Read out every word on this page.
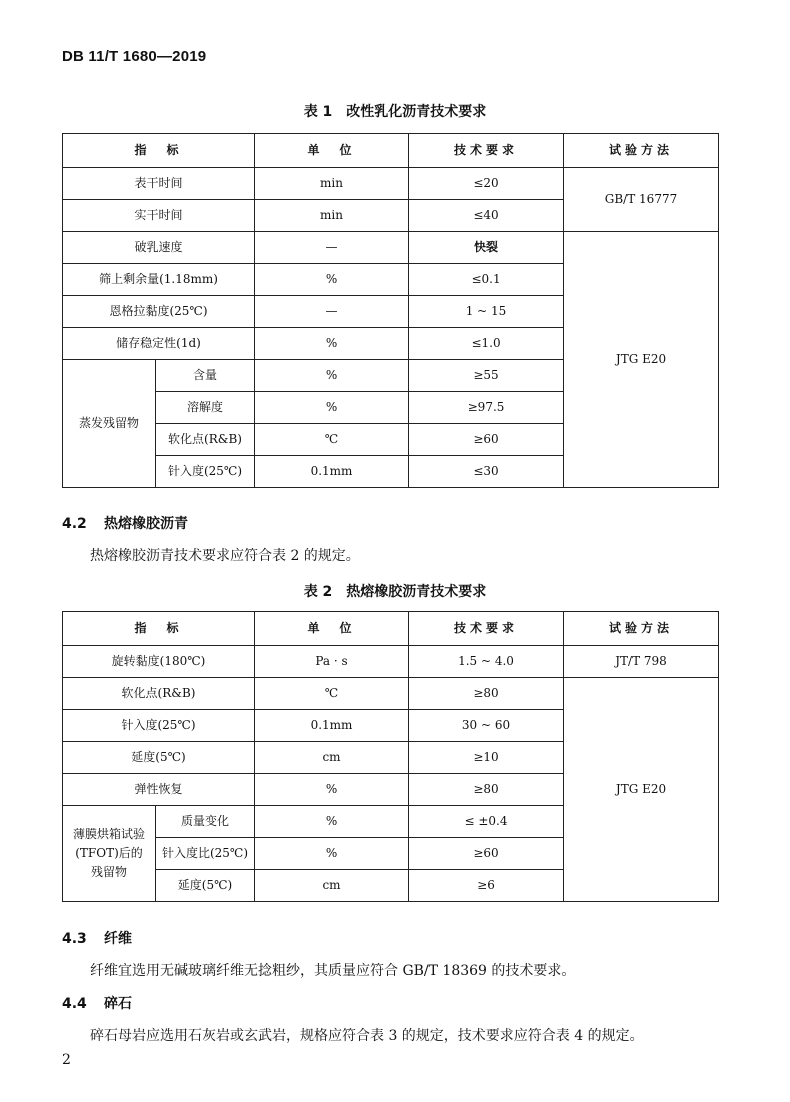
DB 11/T 1680—2019
表 1　改性乳化沥青技术要求
指　标		单　位	技术要求	试验方法
表干时间		min	≤20	GB/T 16777
实干时间		min	≤40	
破乳速度		—	快裂	JTG E20
筛上剩余量(1.18mm)		%	≤0.1	
恩格拉黏度(25℃)		—	1 ~ 15	
储存稳定性(1d)		%	≤1.0	
蒸发残留物	含量	%	≥55	
	溶解度	%	≥97.5	
	软化点(R&B)	℃	≥60	
	针入度(25℃)	0.1mm	≤30	
4.2 热熔橡胶沥青
热熔橡胶沥青技术要求应符合表 2 的规定。
表 2　热熔橡胶沥青技术要求
指　标		单　位	技术要求	试验方法
旋转黏度(180℃)		Pa · s	1.5 ~ 4.0	JT/T 798
软化点(R&B)		℃	≥80	JTG E20
针入度(25℃)		0.1mm	30 ~ 60	
延度(5℃)		cm	≥10	
弹性恢复		%	≥80	

薄膜烘箱试验
(TFOT)后的
残留物	质量变化	%	≤ ±0.4	
	针入度比(25℃)	%	≥60	
	延度(5℃)	cm	≥6	
4.3 纤维
纤维宜选用无碱玻璃纤维无捻粗纱，其质量应符合 GB/T 18369 的技术要求。
4.4 碎石
碎石母岩应选用石灰岩或玄武岩，规格应符合表 3 的规定，技术要求应符合表 4 的规定。
2
